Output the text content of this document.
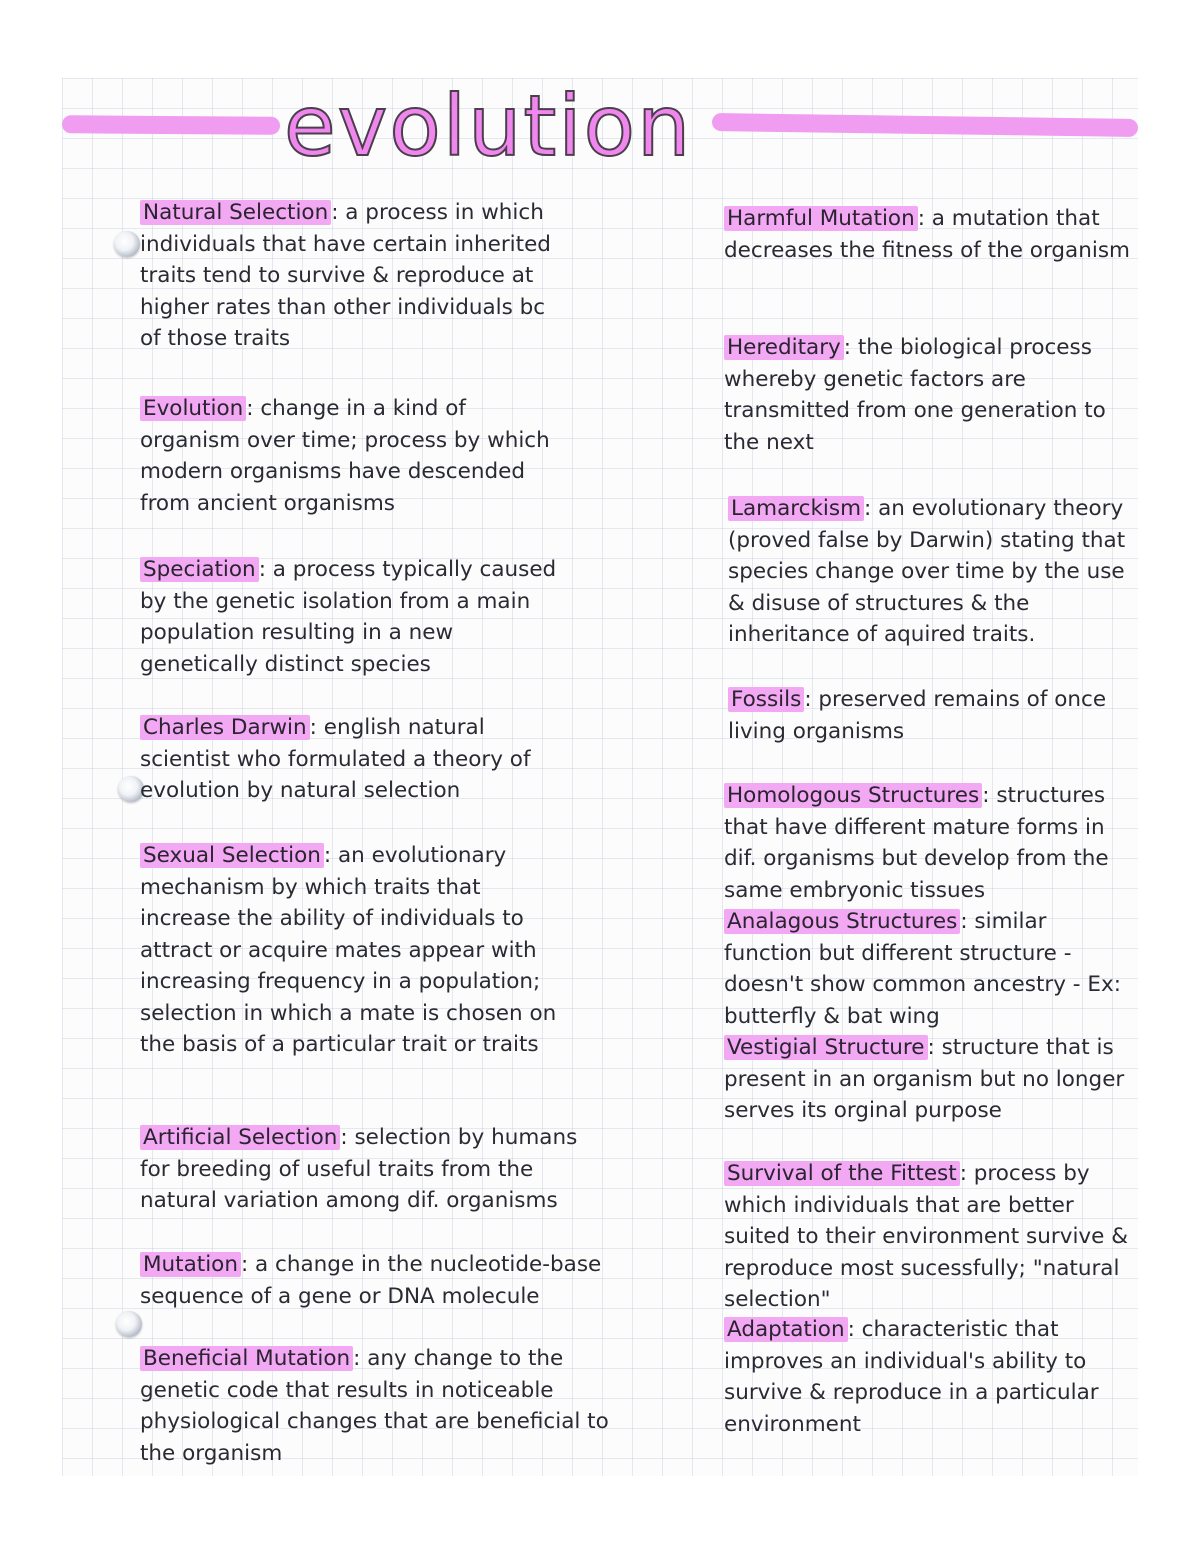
evolution
Natural Selection : a process in which individuals that have certain inherited traits tend to survive & reproduce at higher rates than other individuals bc of those traits
Evolution : change in a kind of organism over time; process by which modern organisms have descended from ancient organisms
Speciation : a process typically caused by the genetic isolation from a main population resulting in a new genetically distinct species
Charles Darwin : english natural scientist who formulated a theory of evolution by natural selection
Sexual Selection : an evolutionary mechanism by which traits that increase the ability of individuals to attract or acquire mates appear with increasing frequency in a population; selection in which a mate is chosen on the basis of a particular trait or traits
Artificial Selection : selection by humans for breeding of useful traits from the natural variation among dif. organisms
Mutation : a change in the nucleotide-base sequence of a gene or DNA molecule
Beneficial Mutation : any change to the genetic code that results in noticeable physiological changes that are beneficial to the organism
Harmful Mutation : a mutation that decreases the fitness of the organism
Hereditary : the biological process whereby genetic factors are transmitted from one generation to the next
Lamarckism : an evolutionary theory (proved false by Darwin) stating that species change over time by the use & disuse of structures & the inheritance of aquired traits.
Fossils : preserved remains of once living organisms
Homologous Structures : structures that have different mature forms in dif. organisms but develop from the same embryonic tissues
Analagous Structures : similar function but different structure - doesn't show common ancestry - Ex: butterfly & bat wing
Vestigial Structure : structure that is present in an organism but no longer serves its orginal purpose
Survival of the Fittest : process by which individuals that are better suited to their environment survive & reproduce most sucessfully; "natural selection"
Adaptation : characteristic that improves an individual's ability to survive & reproduce in a particular environment
